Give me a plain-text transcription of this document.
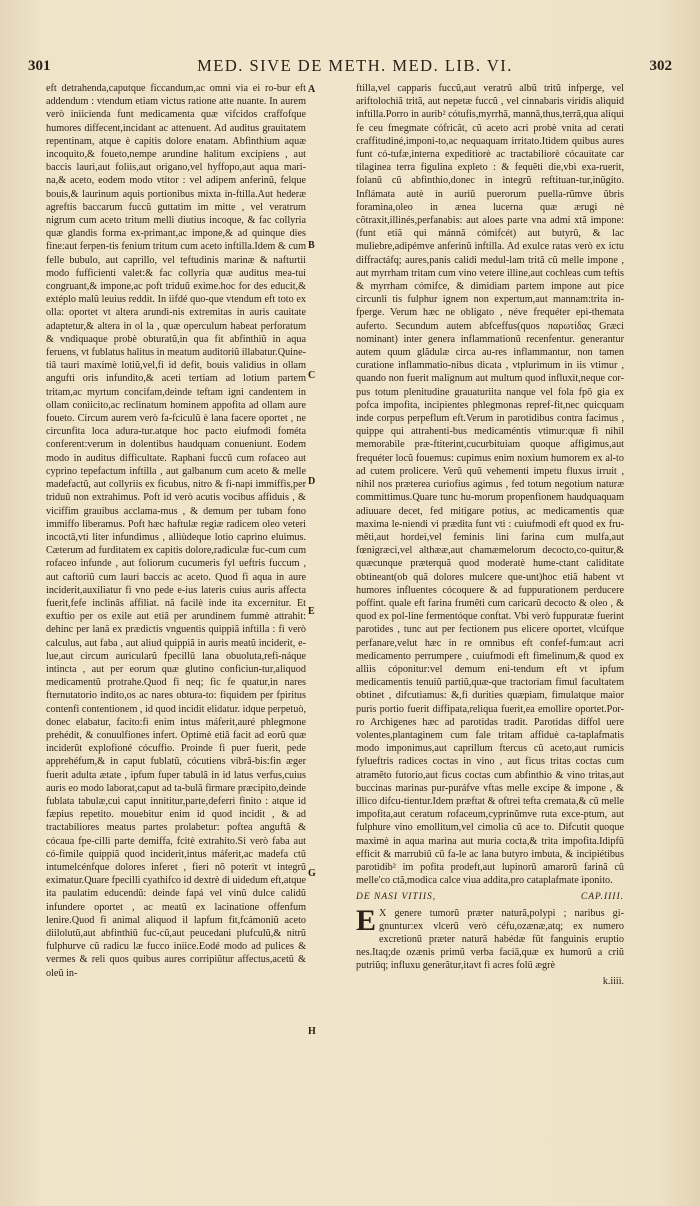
301	MED. SIVE DE METH. MED. LIB. VI.	302
A
B
C
D
E
G
H

eft detrahenda,caputque ficcandum,ac omni via ei ro-bur eft addendum : vtendum etiam victus ratione atte nuante. In aurem verò iniicienda funt medicamenta quæ vifcidos craffofque humores diffecent,incidant ac attenuent. Ad auditus grauitatem repentinam, atque è capitis dolore enatam. Abfinthium aquæ incoquito,& foueto,nempe arundine halitum excipiens , aut baccis lauri,aut foliis,aut origano,vel hyffopo,aut aqua mari-na,& aceto, eodem modo vtitor : vel adipem anferinũ, felque bouis,& laurinum aquis portionibus mixta in-ftilla.Aut hederæ agreftis baccarum fuccũ guttatim im mitte , vel veratrum nigrum cum aceto tritum melli diutius incoque, & fac collyria quæ glandis forma ex-primant,ac impone,& ad quinque dies fine:aut ferpen-tis fenium tritum cum aceto inftilla.Idem & cum felle bubulo, aut caprillo, vel teftudinis marinæ & nafturtii modo fufficienti valet:& fac collyria quæ auditus mea-tui congruant,& impone,ac poft triduũ exime.hoc for des educit,& extéplo malũ leuius reddit. In iifdé quo-que vtendum eft toto ex olla: oportet vt altera arundi-nis extremitas in auris cauitate adaptetur,& altera in ol la , quæ operculum habeat perforatum & vndiquaque probè obturatũ,in qua fit abfinthiũ in aqua feruens, vt fublatus halitus in meatum auditoriũ illabatur.Quine-tiâ tauri maximè lotiũ,vel,fi id defit, bouis validius in ollam angufti oris infundito,& aceti tertiam ad lotium partem tritam,ac myrtum concifam,deinde teftam igni candentem in ollam conìicito,ac reclinatum hominem appofita ad ollam aure foueto. Circum aurem verò fa-fciculũ è lana facere oportet , ne circunfita loca adura-tur.atque hoc pacto eiufmodi fométa conferent:verum in dolentibus haudquam conueniunt. Eodem modo in auditus difficultate. Raphani fuccũ cum rofaceo aut cyprino tepefactum inftilla , aut galbanum cum aceto & melle madefactũ, aut collyriis ex ficubus, nitro & fi-napi immiffis,per triduũ non extrahimus. Poft id verò acutis vocibus affiduis , & viciffim grauibus acclama-mus , & demum per tubam fono immiffo liberamus. Poft hæc haftulæ regiæ radicem oleo veteri incoctã,vti liter infundimus , alliùdeque lotio caprino eluimus. Cæterum ad furditatem ex capitis dolore,radiculæ fuc-cum cum rofaceo infunde , aut foliorum cucumeris fyl ueftris fuccum , aut caftoriũ cum lauri baccis ac aceto. Quod fi aqua in aure inciderit,auxiliatur fi vno pede e-ius lateris cuius auris affecta fuerit,fefe inclinâs affiliat. nã facilè inde ita excernitur. Et exuftio per os exile aut etiâ per arundinem fummè attrahit: dehinc per lanã ex prædictis vnguentis quippiã inftilla : fi verò calculus, aut faba , aut aliud quippiã in auris meatũ inciderit, e-lue,aut circum auricularũ fpecillũ lana obuoluta,refi-náque intincta , aut per eorum quæ glutino conficiun-tur,aliquod medicamentũ protrahe.Quod fi neq; fic fe quatur,in nares fternutatorio indito,os ac nares obtura-to: fiquidem per fpiritus contenfi contentionem , id quod incidit elidatur. idque perpetuò, donec elabatur, facito:fi enim intus máferit,auré phlegmone prehédit, & conuulfiones infert. Optimè etiâ facit ad eorũ quæ inciderũt explofioné cócuffio. Proinde fi puer fuerit, pede apprehéfum,& in caput fublatũ, cócutiens vibrã-bis:fin æger fuerit adulta ætate , ipfum fuper tabulã in id latus verfus,cuius auris eo modo laborat,caput ad ta-bulã firmare præcipito,deinde fublata tabulæ,cui caput innititur,parte,deferri finito : atque id fæpius repetito. mouebitur enim id quod incidit , & ad tractabiliores meatus partes prolabetur: poftea anguftã & cócaua fpe-cilli parte demiffa, fcitè extrahito.Si verò faba aut có-fimile quippiã quod inciderit,intus máferit,ac madefa ctũ intumelcénfque dolores inferet , fieri nõ poterit vt integrũ eximatur.Quare fpecilli cyathifco id dextrè di uidedum eft,atque ita paulatim educendũ: deinde fapá vel vinũ dulce calidũ infundere oportet , ac meatũ ex lacinatione offenfum lenire.Quod fi animal aliquod il lapfum fit,fcámoniũ aceto diilolutũ,aut abfinthiũ fuc-cũ,aut peucedani plufculũ,& nitrũ fulphurve cũ radicu læ fucco iniice.Eodé modo ad pulices & vermes & reli quos quibus aures corripiũtur affectus,acetũ & oleũ in-

ftilla,vel capparis fuccũ,aut veratrũ albũ tritũ infperge, vel ariftolochiã tritã, aut nepetæ fuccũ , vel cinnabaris viridis aliquid inftilla.Porro in aurib² cótufis,myrrhã, mannã,thus,terrã,qua aliqui fe ceu fmegmate cófricãt, cũ aceto acri probè vnita ad cerati craffitudiné,imponi-to,ac nequaquam irritato.Itidem quibus aures funt có-tufæ,interna expeditiorè ac tractabiliorè cócauitate car tilaginea terra figulina expleto : & fequẽti die,vbi exa-ruerit, folanũ cũ abfinthio,donec in integrũ reftituan-tur,inũgito. Inflámata autè in auriũ puerorum puella-rũmve ũbris foramina,oleo in ænea lucerna quæ ærugi nè cõtraxit,illinés,perfanabis: aut aloes parte vna admi xtã impone:(funt etiã qui mánnã cómifcét) aut butyrũ, & lac muliebre,adipémve anferinũ inftilla. Ad exulce ratas verò ex ictu diffractáfq; aures,panis calidi medul-lam tritã cũ melle impone , aut myrrham tritam cum vino vetere illine,aut cochleas cum teftis & myrrham cómifce, & dimidiam partem impone aut pice circunli tis fulphur ignem non expertum,aut mannam:trita in-fperge. Verum hæc ne obligato , néve frequéter epi-themata auferto. Secundum autem abfceffus(quos παρωτίδας Græci nominant) inter genera inflammationũ recenfentur. generantur autem quum glãdulæ circa au-res inflammantur, non tamen curatione inflammatio-nibus dicata , vtplurimum in iis vtimur , quando non fuerit malignum aut multum quod influxit,neque cor-pus totum plenitudine grauaturiita nanque vel fola fpõ gia ex pofca impofita, incipientes phlegmonas repref-fit,nec quicquam inde corpus perpeflum eft.Verum in parotidibus contra facimus , quippe qui attrahenti-bus medicaméntis vtimur:quæ fi nihil memorabile præ-ftiterint,cucurbituiam quoque affigimus,aut frequéter locũ fouemus: cupimus enim noxium humorem ex al-to ad cutem prolicere. Verũ quũ vehementi impetu fluxus irruit , nihil nos præterea curiofius agimus , fed totum negotium naturæ committimus.Quare tunc hu-morum propenfionem haudquaquam adiuuare decet, fed mitigare potius, ac medicamentis quæ maxima le-niendi vi prædita funt vti : cuiufmodi eft quod ex fru-mẽti,aut hordei,vel feminis lini farina cum mulfa,aut fœnigræci,vel althææ,aut chamæmelorum decocto,co-quitur,& quæcunque præterquã quod moderatè hume-ctant caliditate obtineant(ob quã dolores mulcere que-unt)hoc etiã habent vt humores influentes cócoquere & ad fuppurationem perducere poffint. quale eft farina frumẽti cum caricarũ decocto & oleo , & quod ex pol-line fermentóque conftat. Vbi verò fuppuratæ fuerint parotides , tunc aut per fectionem pus elicere oportet, vlcúfque perfanare,velut hæc in re omnibus eft confef-fum:aut acri medicamento perrumpere , cuiufmodi eft fimelinum,& quod ex alliis cóponitur:vel demum eni-tendum eft vt ipfum medicamentis tenuiũ partiũ,quæ-que tractoriam fimul facultatem obtinet , difcutiamus: &,fi durities quæpiam, fimulatque maior puris portio fuerit diffipata,reliqua fuerit,ea emollire oportet.Por-ro Archigenes hæc ad parotidas tradit. Parotidas diffol uere volentes,plantaginem cum fale tritam affiduè ca-taplafmatis modo imponimus,aut caprillum ftercus cũ aceto,aut rumicis fylueftris radices coctas in vino , aut ficus tritas coctas cum atramẽto futorio,aut ficus coctas cum abfinthio & vino tritas,aut buccinas marinas pur-puráfve vftas melle excipe & impone , & illico difcu-tientur.Idem præftat & oftrei tefta cremata,& cũ melle impofita,aut ceratum rofaceum,cyprinũmve ruta exce-ptum, aut fulphure vino emollitum,vel cimolia cũ ace to. Difcutit quoque maximè in aqua marina aut muria cocta,& trita impofita.Idipfũ efficit & marrubiũ cũ fa-le ac lana butyro imbuta, & incipiétibus parotidib² im pofita prodeft,aut lupinorũ amarorũ farinã cũ melle'co ctã,modica calce viua addita,pro cataplafmate ìponito.

DE NASI VITIIS,	CAP.IIII.

E X genere tumorũ præter naturã,polypi ; naribus gi-gnuntur:ex vlcerũ verò céfu,ozænæ,atq; ex numero excretionũ præter naturã habédæ fũt fanguinis eruptio nes.Itaq;de ozænis primũ verba faciã,quæ ex humorũ a criũ putriũq; influxu generãtur,itavt fi acres folũ ægrè

k.iiii.
